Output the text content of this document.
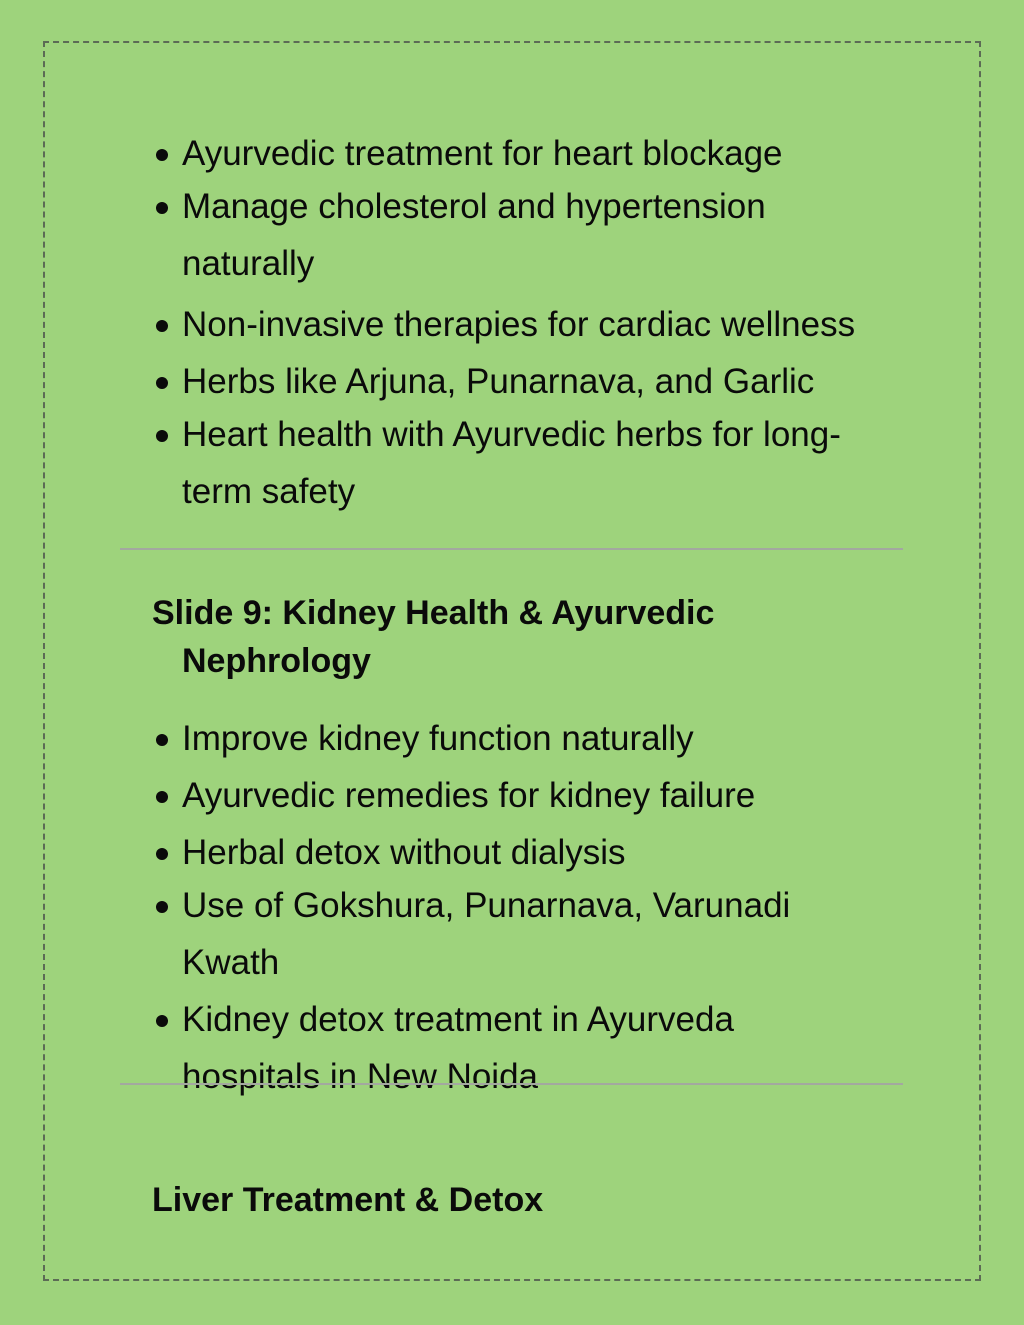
Ayurvedic treatment for heart blockage
Manage cholesterol and hypertension
naturally
Non-invasive therapies for cardiac wellness
Herbs like Arjuna, Punarnava, and Garlic
Heart health with Ayurvedic herbs for long-
term safety
Slide 9: Kidney Health & Ayurvedic
Nephrology
Improve kidney function naturally
Ayurvedic remedies for kidney failure
Herbal detox without dialysis
Use of Gokshura, Punarnava, Varunadi
Kwath
Kidney detox treatment in Ayurveda
hospitals in New Noida
Liver Treatment & Detox
